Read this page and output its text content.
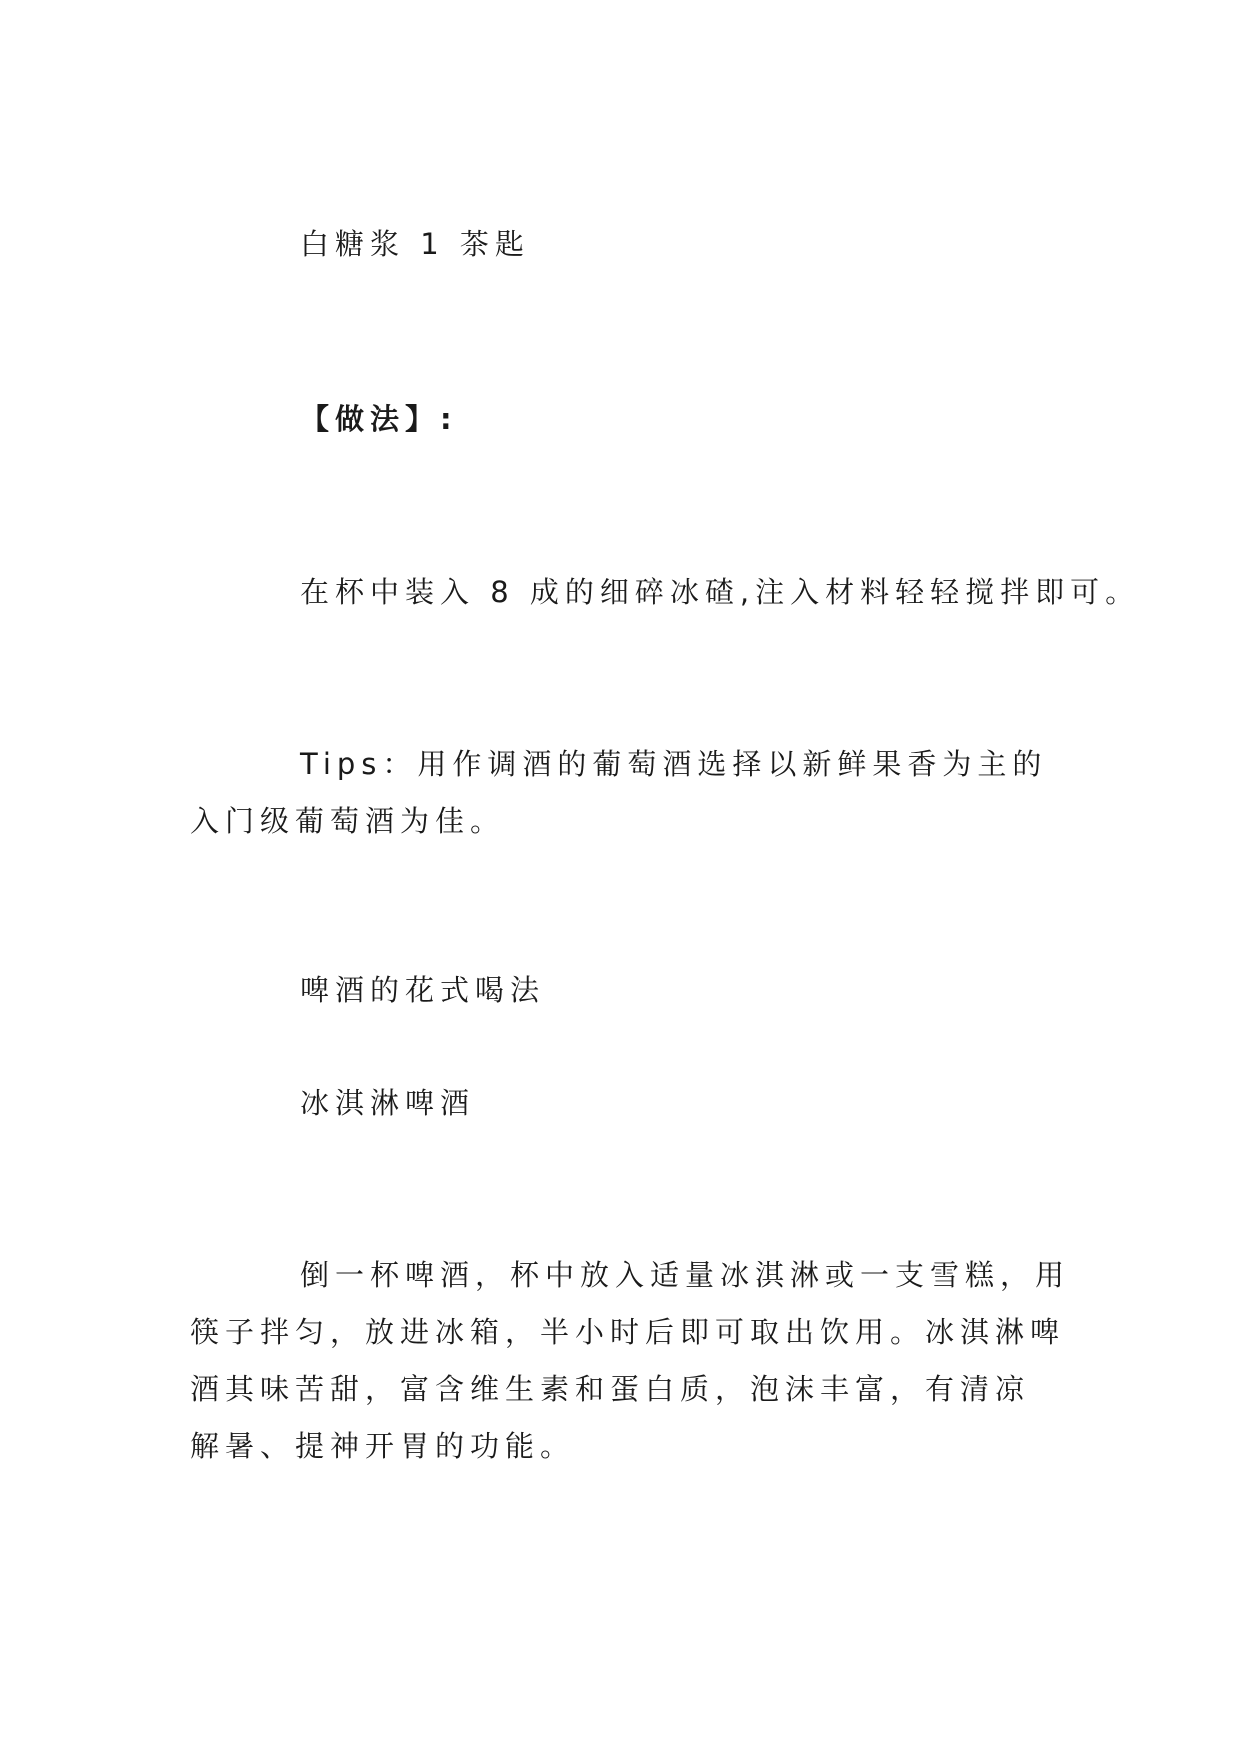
白糖浆 1 茶匙
【做法】:
在杯中装入 8 成的细碎冰碴,注入材料轻轻搅拌即可。
Tips：用作调酒的葡萄酒选择以新鲜果香为主的入门级葡萄酒为佳。
啤酒的花式喝法
冰淇淋啤酒
倒一杯啤酒，杯中放入适量冰淇淋或一支雪糕，用筷子拌匀，放进冰箱，半小时后即可取出饮用。冰淇淋啤酒其味苦甜，富含维生素和蛋白质，泡沫丰富，有清凉 解暑、提神开胃的功能。
